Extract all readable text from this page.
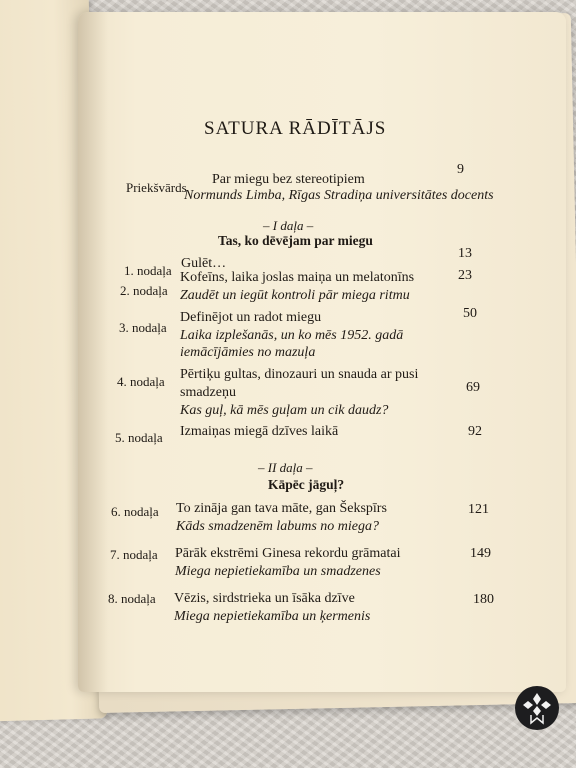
SATURA RĀDĪTĀJS
Priekšvārds
Par miegu bez stereotipiem
Normunds Limba, Rīgas Stradiņa universitātes docents
9
– I daļa –
Tas, ko dēvējam par miegu
1. nodaļa Gulēt…
13
2. nodaļa
Kofeīns, laika joslas maiņa un melatonīns
Zaudēt un iegūt kontroli pār miega ritmu
23
3. nodaļa
Definējot un radot miegu
Laika izplešanās, un ko mēs 1952. gadā
iemācījāmies no mazuļa
50
4. nodaļa Pērtiķu gultas, dinozauri un snauda ar pusi
smadzeņu
Kas guļ, kā mēs guļam un cik daudz?
69
5. nodaļa Izmaiņas miegā dzīves laikā	92
– II daļa –
Kāpēc jāguļ?
6. nodaļa To zināja gan tava māte, gan Šekspīrs
Kāds smadzenēm labums no miega?
121
7. nodaļa Pārāk ekstrēmi Ginesa rekordu grāmatai
Miega nepietiekamība un smadzenes
149
8. nodaļa Vēzis, sirdstrieka un īsāka dzīve
Miega nepietiekamība un ķermenis
180
